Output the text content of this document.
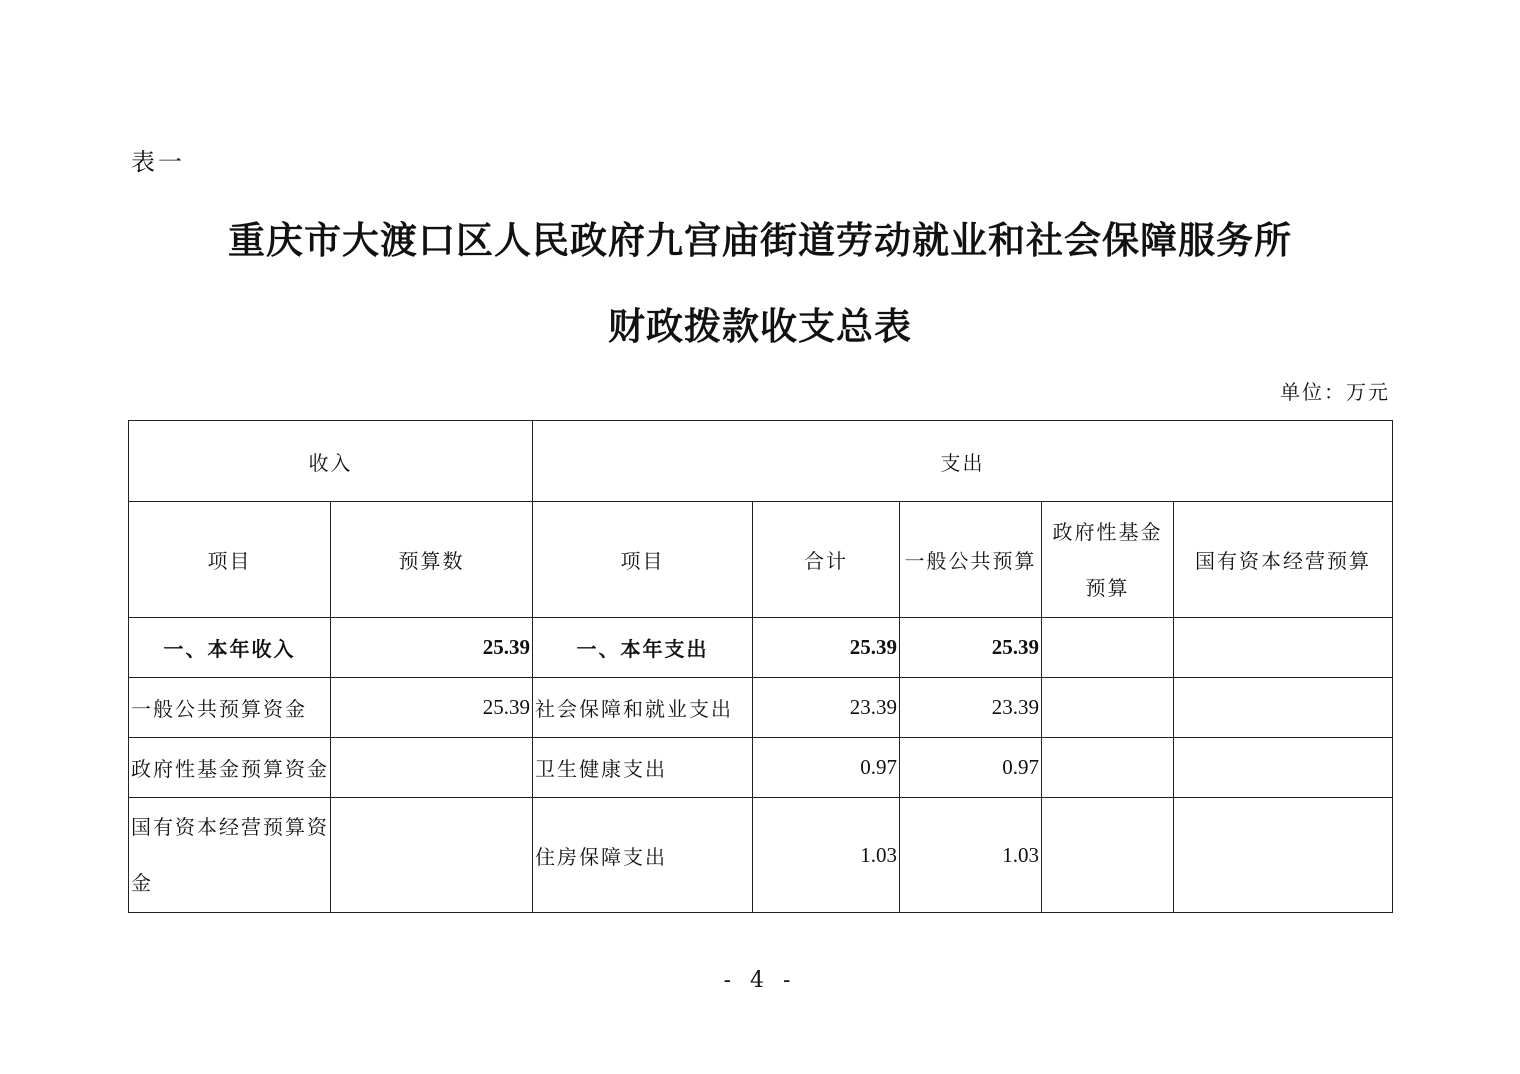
表一
重庆市大渡口区人民政府九宫庙街道劳动就业和社会保障服务所
财政拨款收支总表
单位：万元
收入		支出				
项目	预算数	项目	合计	一般公共预算	政府性基金预算	国有资本经营预算
一、本年收入	25.39	一、本年支出	25.39	25.39		
一般公共预算资金	25.39	社会保障和就业支出	23.39	23.39		
政府性基金预算资金		卫生健康支出	0.97	0.97		
国有资本经营预算资金		住房保障支出	1.03	1.03		
- 4 -
